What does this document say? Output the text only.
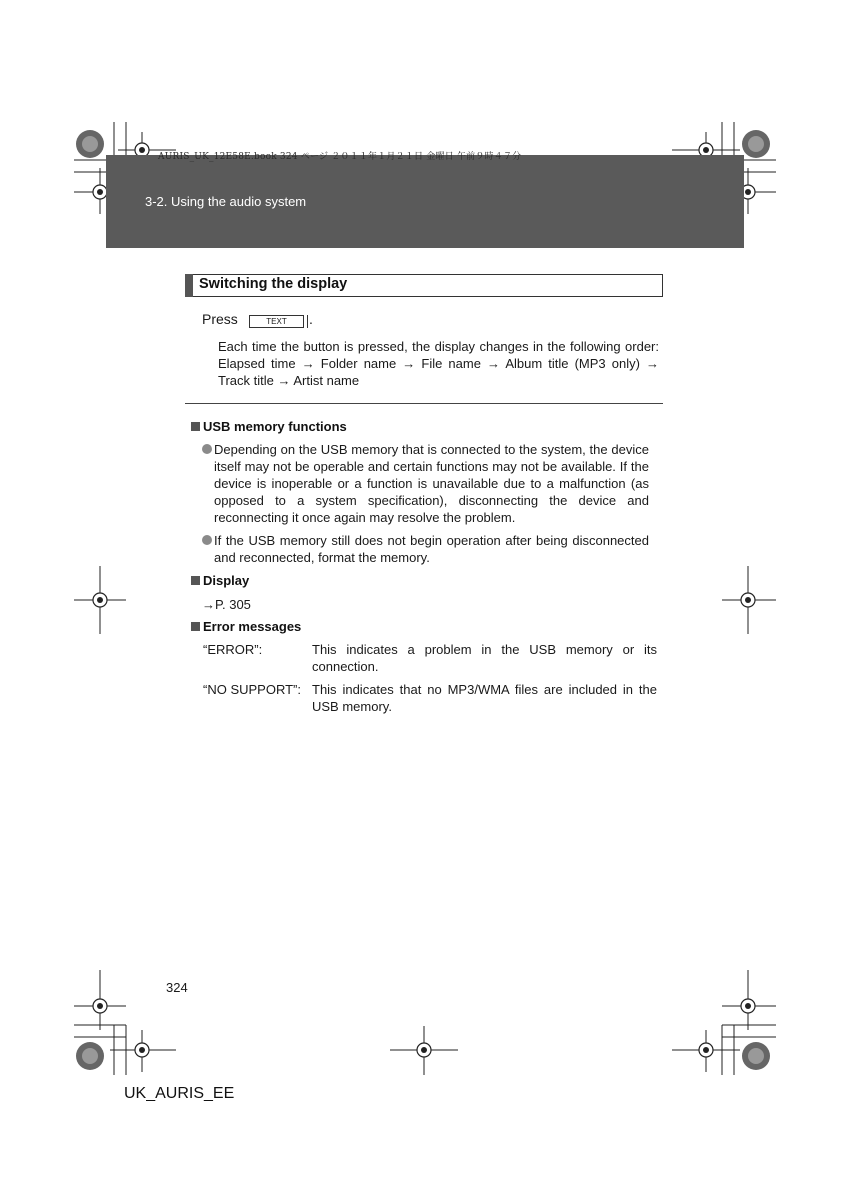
AURIS_UK_12E58E.book 324 ページ ２０１１年１月２１日 金曜日 午前９時４７分
3-2. Using the audio system
Switching the display
Press	TEXT	.
Each time the button is pressed, the display changes in the following order: Elapsed time → Folder name → File name → Album title (MP3 only) → Track title → Artist name
USB memory functions
Depending on the USB memory that is connected to the system, the device itself may not be operable and certain functions may not be available. If the device is inoperable or a function is unavailable due to a malfunction (as opposed to a system specification), disconnecting the device and reconnecting it once again may resolve the problem.
If the USB memory still does not begin operation after being disconnected and reconnected, format the memory.
Display
→P. 305
Error messages
“ERROR”:	This indicates a problem in the USB memory or its connection.
“NO SUPPORT”: This indicates that no MP3/WMA files are included in the USB memory.
324
UK_AURIS_EE
